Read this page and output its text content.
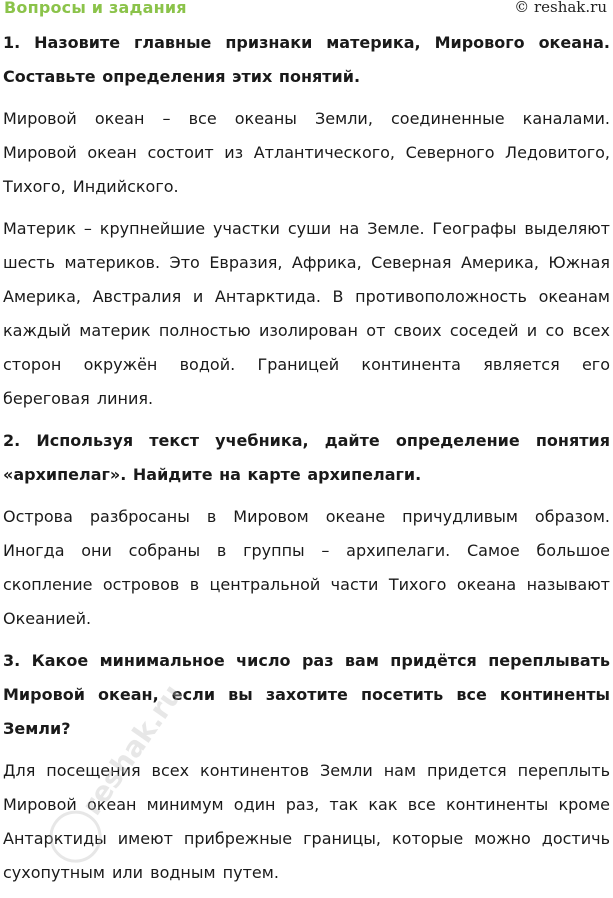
Вопросы и задания	© reshak.ru
1. Назовите главные признаки материка, Мирового океана. Составьте определения этих понятий.
Мировой океан – все океаны Земли, соединенные каналами. Мировой океан состоит из Атлантического, Северного Ледовитого, Тихого, Индийского.
Материк – крупнейшие участки суши на Земле. Географы выделяют шесть материков. Это Евразия, Африка, Северная Америка, Южная Америка, Австралия и Антарктида. В противоположность океанам каждый материк полностью изолирован от своих соседей и со всех сторон окружён водой. Границей континента является его береговая линия.
2. Используя текст учебника, дайте определение понятия «архипелаг». Найдите на карте архипелаги.
Острова разбросаны в Мировом океане причудливым образом. Иногда они собраны в группы – архипелаги. Самое большое скопление островов в центральной части Тихого океана называют Океанией.
3. Какое минимальное число раз вам придётся переплывать Мировой океан, если вы захотите посетить все континенты Земли?
Для посещения всех континентов Земли нам придется переплыть Мировой океан минимум один раз, так как все континенты кроме Антарктиды имеют прибрежные границы, которые можно достичь сухопутным или водным путем.
reshak.ru
